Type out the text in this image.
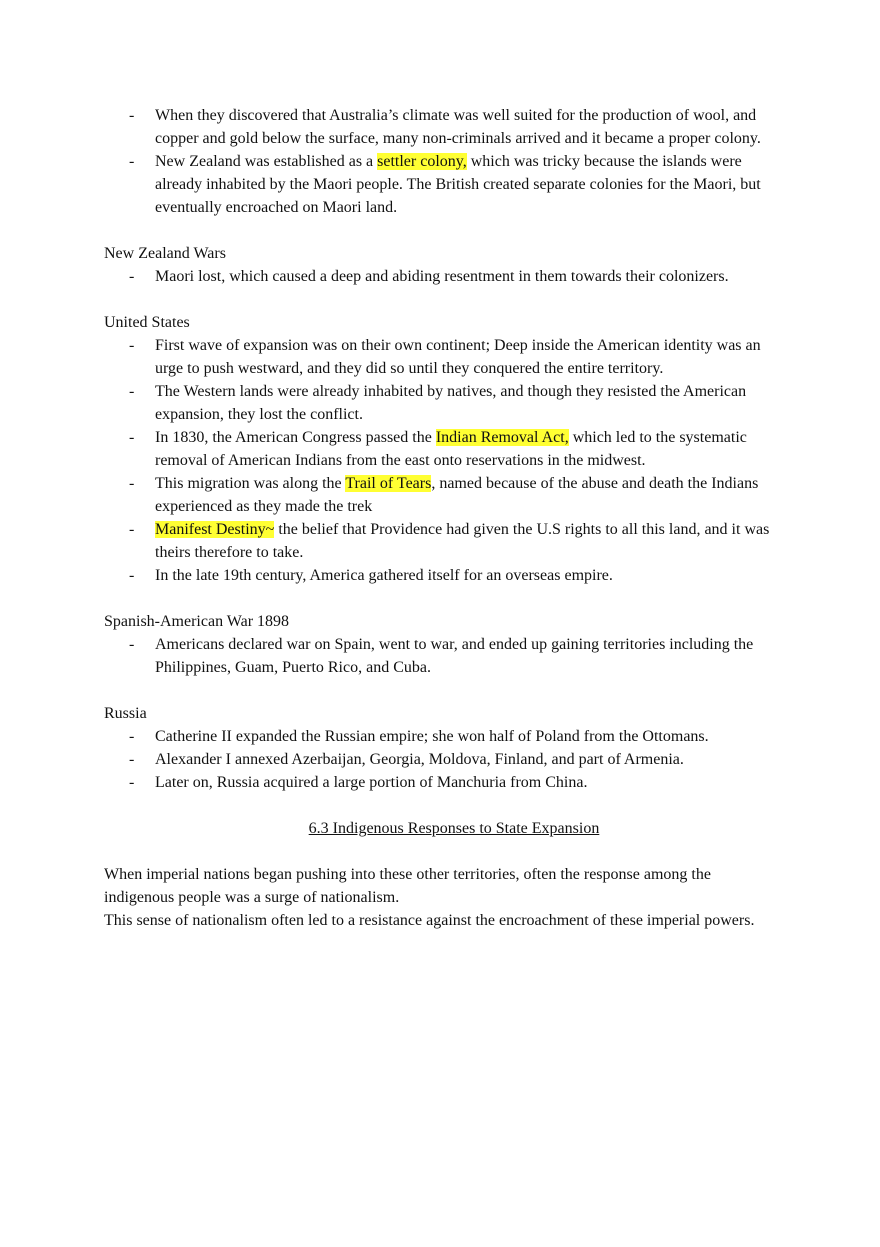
- When they discovered that Australia’s climate was well suited for the production of wool, and copper and gold below the surface, many non-criminals arrived and it became a proper colony.
- New Zealand was established as a settler colony, which was tricky because the islands were already inhabited by the Maori people. The British created separate colonies for the Maori, but eventually encroached on Maori land.

New Zealand Wars

- Maori lost, which caused a deep and abiding resentment in them towards their colonizers.

United States

- First wave of expansion was on their own continent; Deep inside the American identity was an urge to push westward, and they did so until they conquered the entire territory.
- The Western lands were already inhabited by natives, and though they resisted the American expansion, they lost the conflict.
- In 1830, the American Congress passed the Indian Removal Act, which led to the systematic removal of American Indians from the east onto reservations in the midwest.
- This migration was along the Trail of Tears, named because of the abuse and death the Indians experienced as they made the trek
- Manifest Destiny~ the belief that Providence had given the U.S rights to all this land, and it was theirs therefore to take.
- In the late 19th century, America gathered itself for an overseas empire.

Spanish-American War 1898

- Americans declared war on Spain, went to war, and ended up gaining territories including the Philippines, Guam, Puerto Rico, and Cuba.

Russia

- Catherine II expanded the Russian empire; she won half of Poland from the Ottomans.
- Alexander I annexed Azerbaijan, Georgia, Moldova, Finland, and part of Armenia.
- Later on, Russia acquired a large portion of Manchuria from China.

6.3 Indigenous Responses to State Expansion

When imperial nations began pushing into these other territories, often the response among the indigenous people was a surge of nationalism.

This sense of nationalism often led to a resistance against the encroachment of these imperial powers.
